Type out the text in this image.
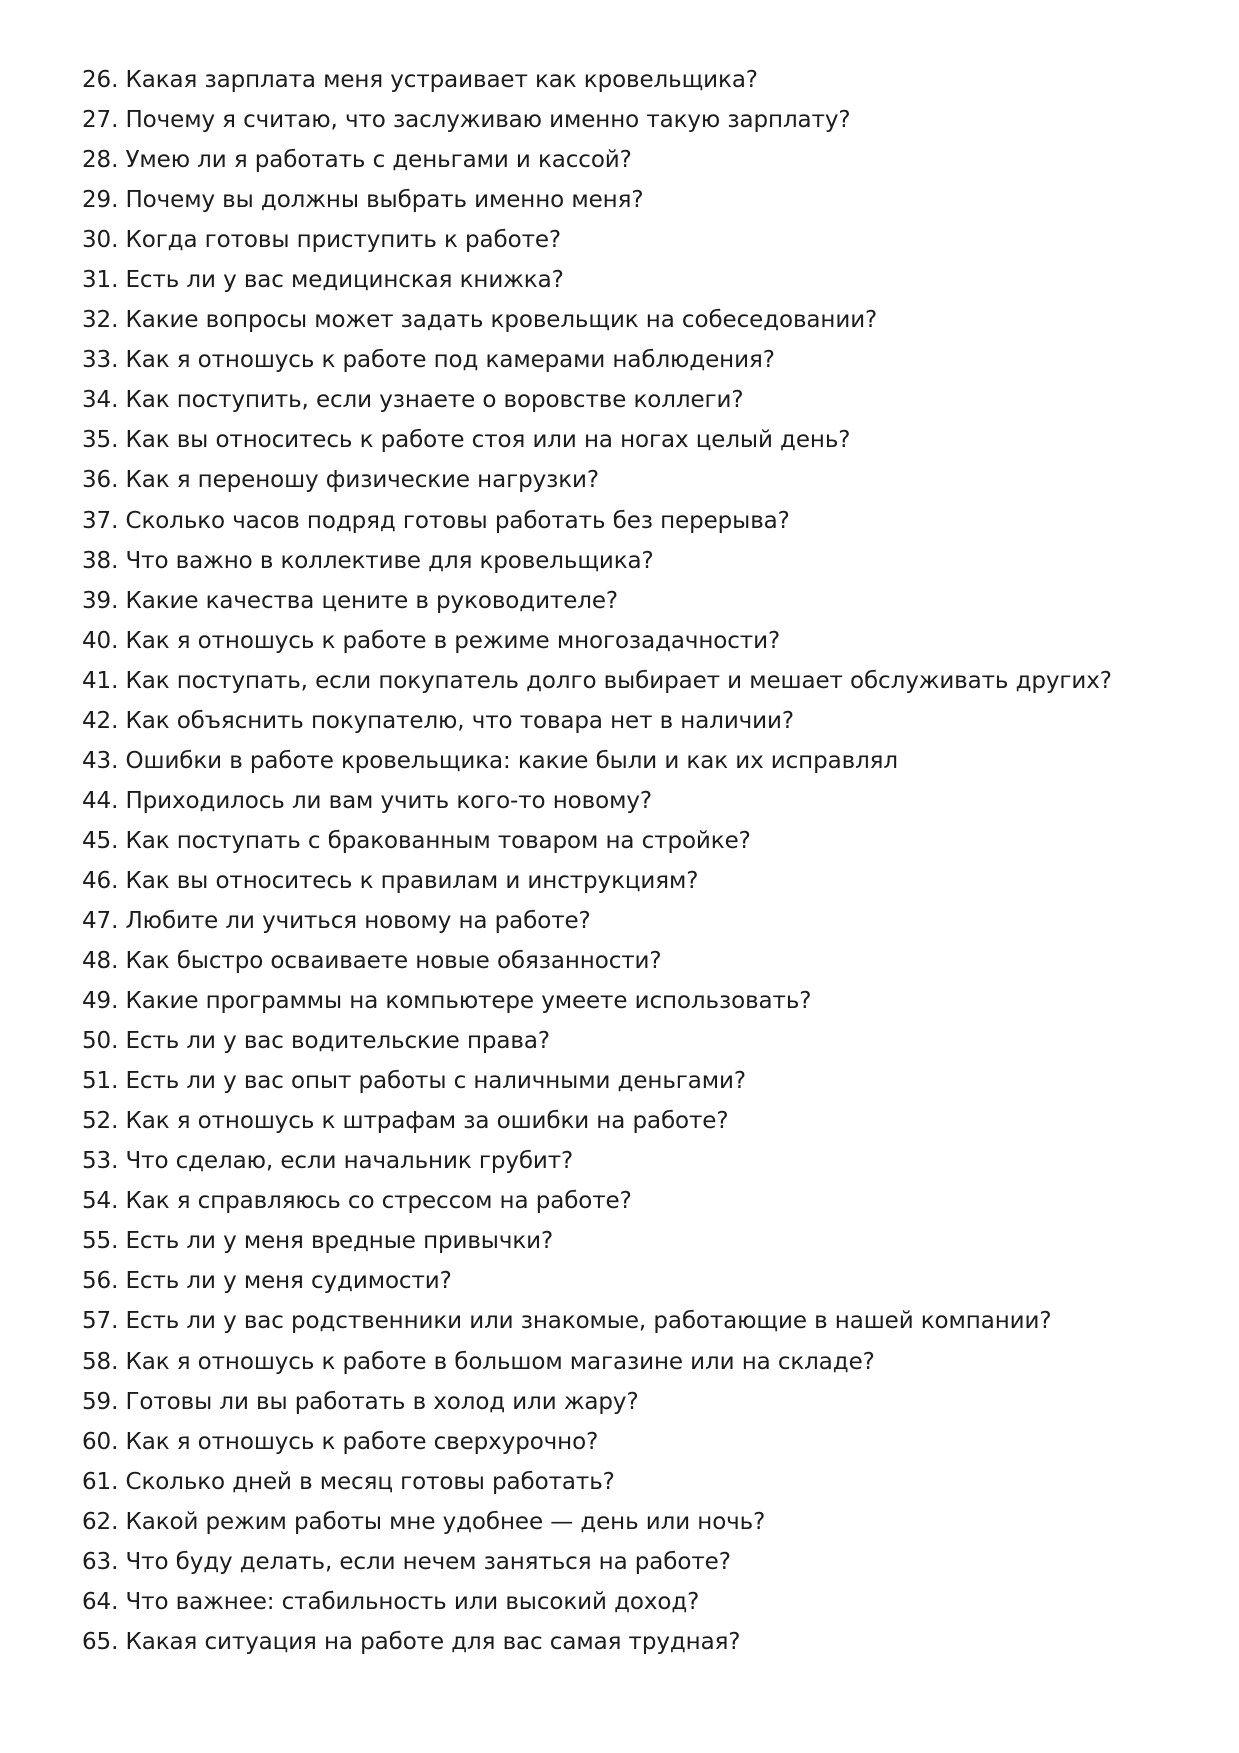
26. Какая зарплата меня устраивает как кровельщика?
27. Почему я считаю, что заслуживаю именно такую зарплату?
28. Умею ли я работать с деньгами и кассой?
29. Почему вы должны выбрать именно меня?
30. Когда готовы приступить к работе?
31. Есть ли у вас медицинская книжка?
32. Какие вопросы может задать кровельщик на собеседовании?
33. Как я отношусь к работе под камерами наблюдения?
34. Как поступить, если узнаете о воровстве коллеги?
35. Как вы относитесь к работе стоя или на ногах целый день?
36. Как я переношу физические нагрузки?
37. Сколько часов подряд готовы работать без перерыва?
38. Что важно в коллективе для кровельщика?
39. Какие качества цените в руководителе?
40. Как я отношусь к работе в режиме многозадачности?
41. Как поступать, если покупатель долго выбирает и мешает обслуживать других?
42. Как объяснить покупателю, что товара нет в наличии?
43. Ошибки в работе кровельщика: какие были и как их исправлял
44. Приходилось ли вам учить кого-то новому?
45. Как поступать с бракованным товаром на стройке?
46. Как вы относитесь к правилам и инструкциям?
47. Любите ли учиться новому на работе?
48. Как быстро осваиваете новые обязанности?
49. Какие программы на компьютере умеете использовать?
50. Есть ли у вас водительские права?
51. Есть ли у вас опыт работы с наличными деньгами?
52. Как я отношусь к штрафам за ошибки на работе?
53. Что сделаю, если начальник грубит?
54. Как я справляюсь со стрессом на работе?
55. Есть ли у меня вредные привычки?
56. Есть ли у меня судимости?
57. Есть ли у вас родственники или знакомые, работающие в нашей компании?
58. Как я отношусь к работе в большом магазине или на складе?
59. Готовы ли вы работать в холод или жару?
60. Как я отношусь к работе сверхурочно?
61. Сколько дней в месяц готовы работать?
62. Какой режим работы мне удобнее — день или ночь?
63. Что буду делать, если нечем заняться на работе?
64. Что важнее: стабильность или высокий доход?
65. Какая ситуация на работе для вас самая трудная?
